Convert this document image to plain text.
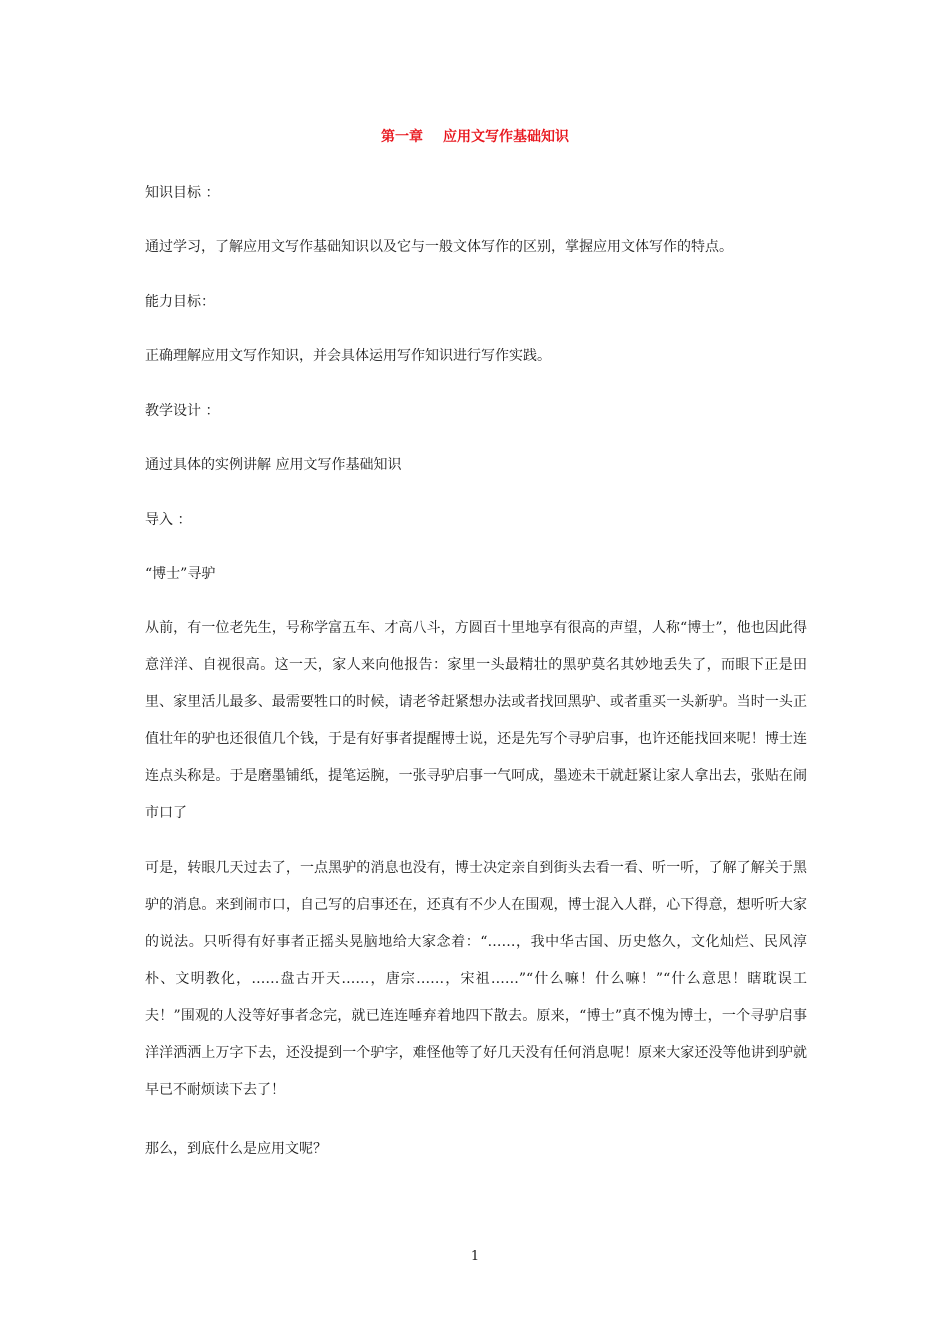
第一章 应用文写作基础知识
知识目标 ：
通过学习，了解应用文写作基础知识以及它与一般文体写作的区别，掌握应用文体写作的特点。
能力目标：
正确理解应用文写作知识，并会具体运用写作知识进行写作实践。
教学设计 ：
通过具体的实例讲解 应用文写作基础知识
导入 ：
“博士”寻驴
从前，有一位老先生，号称学富五车、才高八斗，方圆百十里地享有很高的声望，人称“博士”，他也因此得意洋洋、自视很高。这一天，家人来向他报告：家里一头最精壮的黑驴莫名其妙地丢失了，而眼下正是田里、家里活儿最多、最需要牲口的时候，请老爷赶紧想办法或者找回黑驴、或者重买一头新驴。当时一头正值壮年的驴也还很值几个钱，于是有好事者提醒博士说，还是先写个寻驴启事，也许还能找回来呢！博士连连点头称是。于是磨墨铺纸，提笔运腕，一张寻驴启事一气呵成，墨迹未干就赶紧让家人拿出去，张贴在闹市口了
可是，转眼几天过去了，一点黑驴的消息也没有，博士决定亲自到街头去看一看、听一听，了解了解关于黑驴的消息。来到闹市口，自己写的启事还在，还真有不少人在围观，博士混入人群，心下得意，想听听大家的说法。只听得有好事者正摇头晃脑地给大家念着：“……，我中华古国、历史悠久，文化灿烂、民风淳朴、文明教化，……盘古开天……，唐宗……，宋祖……”“什么嘛！什么嘛！”“什么意思！瞎耽误工夫！”围观的人没等好事者念完，就已连连唾弃着地四下散去。原来，“博士”真不愧为博士，一个寻驴启事洋洋洒洒上万字下去，还没提到一个驴字，难怪他等了好几天没有任何消息呢！原来大家还没等他讲到驴就早已不耐烦读下去了！
那么，到底什么是应用文呢？
1
